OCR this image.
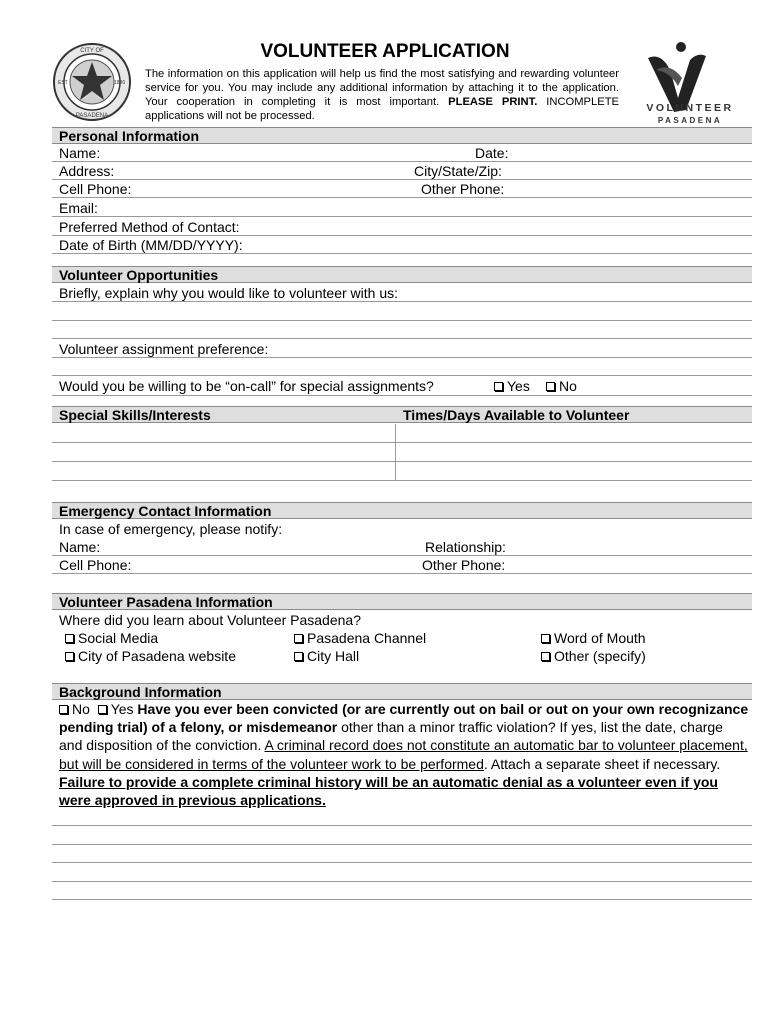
CITY OF
PASADENA
EST	1886
VOLUNTEER APPLICATION
The information on this application will help us find the most satisfying and rewarding volunteer service for you. You may include any additional information by attaching it to the application. Your cooperation in completing it is most important. PLEASE PRINT. INCOMPLETE applications will not be processed.
VOLUNTEER
PASADENA
Personal Information
Name:	Date:
Address:	City/State/Zip:
Cell Phone:	Other Phone:
Email:
Preferred Method of Contact:
Date of Birth (MM/DD/YYYY):
Volunteer Opportunities
Briefly, explain why you would like to volunteer with us:
Volunteer assignment preference:
Would you be willing to be “on-call” for special assignments?	Yes	No
Special Skills/Interests	Times/Days Available to Volunteer
Emergency Contact Information
In case of emergency, please notify:
Name:	Relationship:
Cell Phone:	Other Phone:
Volunteer Pasadena Information
Where did you learn about Volunteer Pasadena?
Social Media	Pasadena Channel	Word of Mouth
City of Pasadena website	City Hall	Other (specify)
Background Information
No Yes Have you ever been convicted (or are currently out on bail or out on your own recognizance pending trial) of a felony, or misdemeanor other than a minor traffic violation? If yes, list the date, charge and disposition of the conviction. A criminal record does not constitute an automatic bar to volunteer placement, but will be considered in terms of the volunteer work to be performed. Attach a separate sheet if necessary. Failure to provide a complete criminal history will be an automatic denial as a volunteer even if you were approved in previous applications.
